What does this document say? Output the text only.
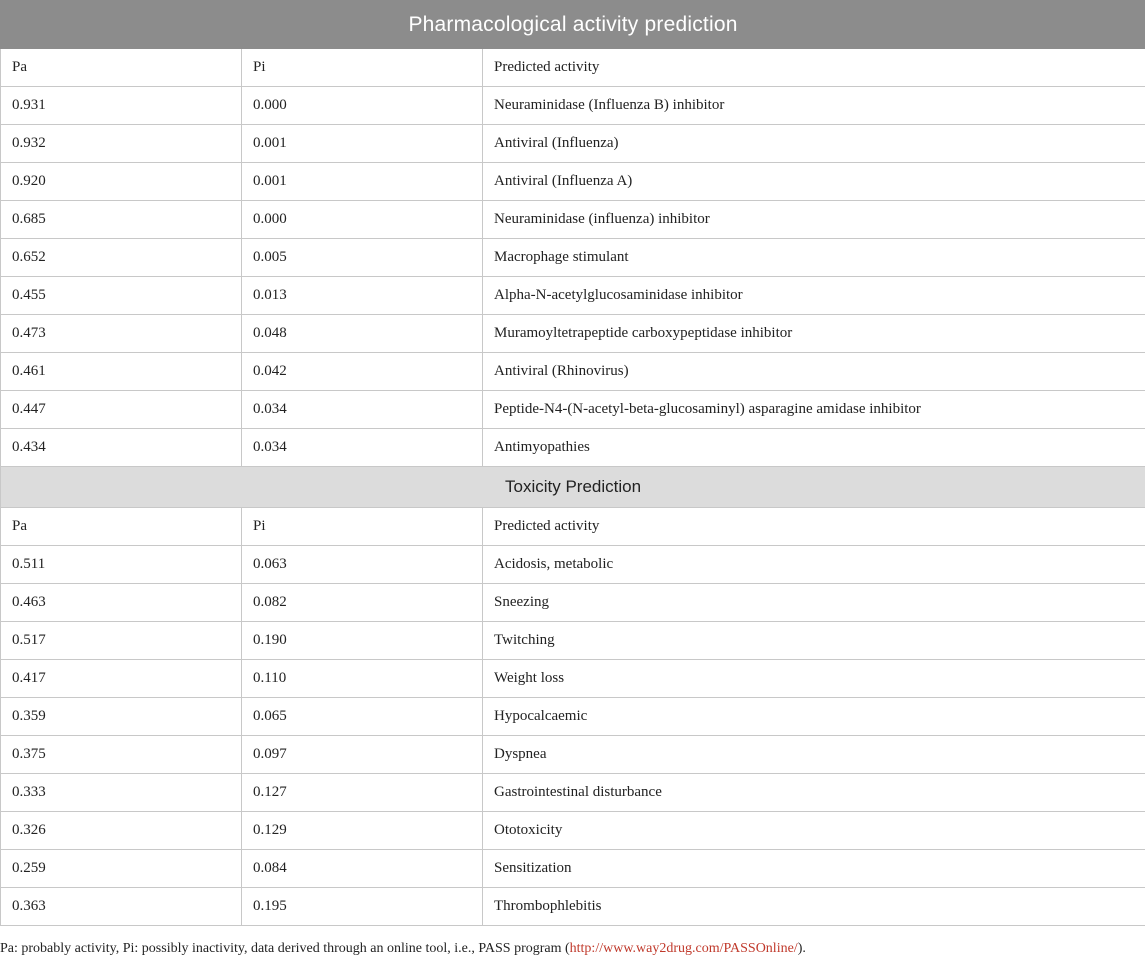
Pharmacological activity prediction		
Pa	Pi	Predicted activity
0.931	0.000	Neuraminidase (Influenza B) inhibitor
0.932	0.001	Antiviral (Influenza)
0.920	0.001	Antiviral (Influenza A)
0.685	0.000	Neuraminidase (influenza) inhibitor
0.652	0.005	Macrophage stimulant
0.455	0.013	Alpha-N-acetylglucosaminidase inhibitor
0.473	0.048	Muramoyltetrapeptide carboxypeptidase inhibitor
0.461	0.042	Antiviral (Rhinovirus)
0.447	0.034	Peptide-N4-(N-acetyl-beta-glucosaminyl) asparagine amidase inhibitor
0.434	0.034	Antimyopathies
Toxicity Prediction		
Pa	Pi	Predicted activity
0.511	0.063	Acidosis, metabolic
0.463	0.082	Sneezing
0.517	0.190	Twitching
0.417	0.110	Weight loss
0.359	0.065	Hypocalcaemic
0.375	0.097	Dyspnea
0.333	0.127	Gastrointestinal disturbance
0.326	0.129	Ototoxicity
0.259	0.084	Sensitization
0.363	0.195	Thrombophlebitis
Pa: probably activity, Pi: possibly inactivity, data derived through an online tool, i.e., PASS program (http://www.way2drug.com/PASSOnline/).
